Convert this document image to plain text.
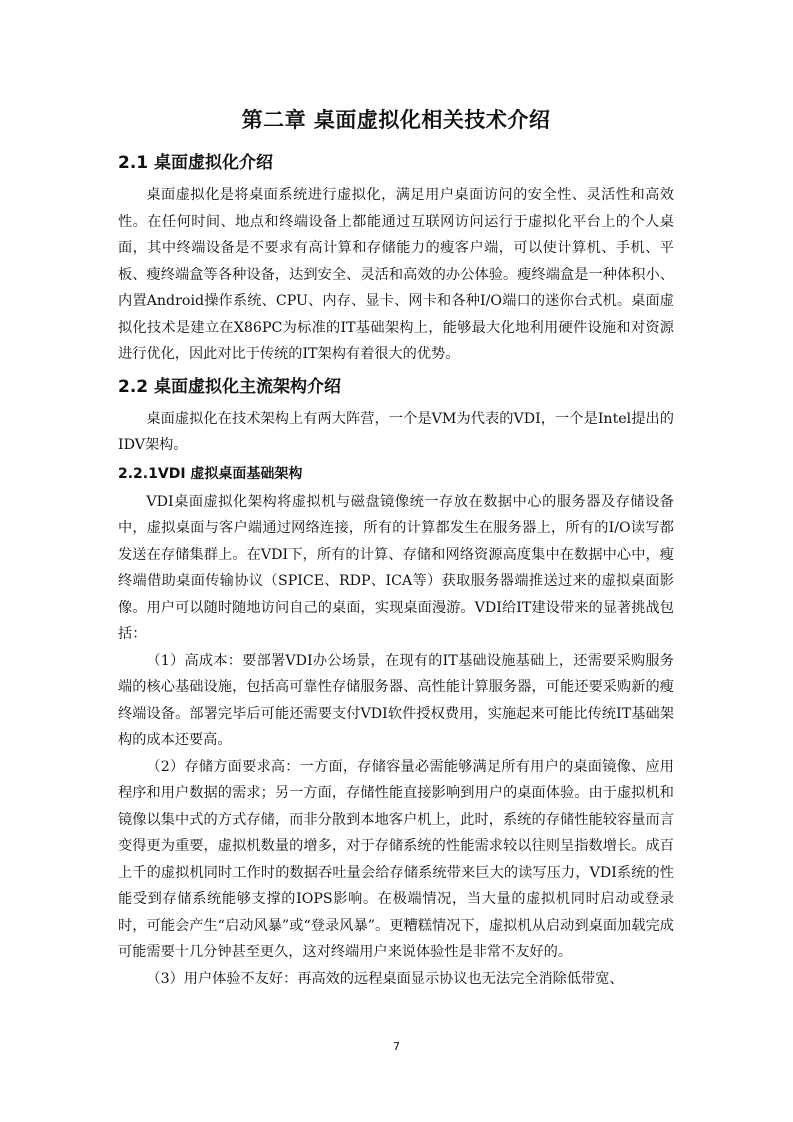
第二章 桌面虚拟化相关技术介绍
2.1 桌面虚拟化介绍

桌面虚拟化是将桌面系统进行虚拟化，满足用户桌面访问的安全性、灵活性和高效性。在任何时间、地点和终端设备上都能通过互联网访问运行于虚拟化平台上的个人桌面，其中终端设备是不要求有高计算和存储能力的瘦客户端，可以使计算机、手机、平板、瘦终端盒等各种设备，达到安全、灵活和高效的办公体验。瘦终端盒是一种体积小、内置Android操作系统、CPU、内存、显卡、网卡和各种I/O端口的迷你台式机。桌面虚拟化技术是建立在X86PC为标准的IT基础架构上，能够最大化地利用硬件设施和对资源进行优化，因此对比于传统的IT架构有着很大的优势。

2.2 桌面虚拟化主流架构介绍

桌面虚拟化在技术架构上有两大阵营，一个是VM为代表的VDI，一个是Intel提出的IDV架构。

2.2.1VDI 虚拟桌面基础架构

VDI桌面虚拟化架构将虚拟机与磁盘镜像统一存放在数据中心的服务器及存储设备中，虚拟桌面与客户端通过网络连接，所有的计算都发生在服务器上，所有的I/O读写都发送在存储集群上。在VDI下，所有的计算、存储和网络资源高度集中在数据中心中，瘦终端借助桌面传输协议（SPICE、RDP、ICA等）获取服务器端推送过来的虚拟桌面影像。用户可以随时随地访问自己的桌面，实现桌面漫游。VDI给IT建设带来的显著挑战包括：

（1）高成本：要部署VDI办公场景，在现有的IT基础设施基础上，还需要采购服务端的核心基础设施，包括高可靠性存储服务器、高性能计算服务器，可能还要采购新的瘦终端设备。部署完毕后可能还需要支付VDI软件授权费用，实施起来可能比传统IT基础架构的成本还要高。

（2）存储方面要求高：一方面，存储容量必需能够满足所有用户的桌面镜像、应用程序和用户数据的需求；另一方面，存储性能直接影响到用户的桌面体验。由于虚拟机和镜像以集中式的方式存储，而非分散到本地客户机上，此时，系统的存储性能较容量而言变得更为重要，虚拟机数量的增多，对于存储系统的性能需求较以往则呈指数增长。成百上千的虚拟机同时工作时的数据吞吐量会给存储系统带来巨大的读写压力，VDI系统的性能受到存储系统能够支撑的IOPS影响。在极端情况，当大量的虚拟机同时启动或登录时，可能会产生“启动风暴”或“登录风暴”。更糟糕情况下，虚拟机从启动到桌面加载完成可能需要十几分钟甚至更久，这对终端用户来说体验性是非常不友好的。

（3）用户体验不友好：再高效的远程桌面显示协议也无法完全消除低带宽、

7
